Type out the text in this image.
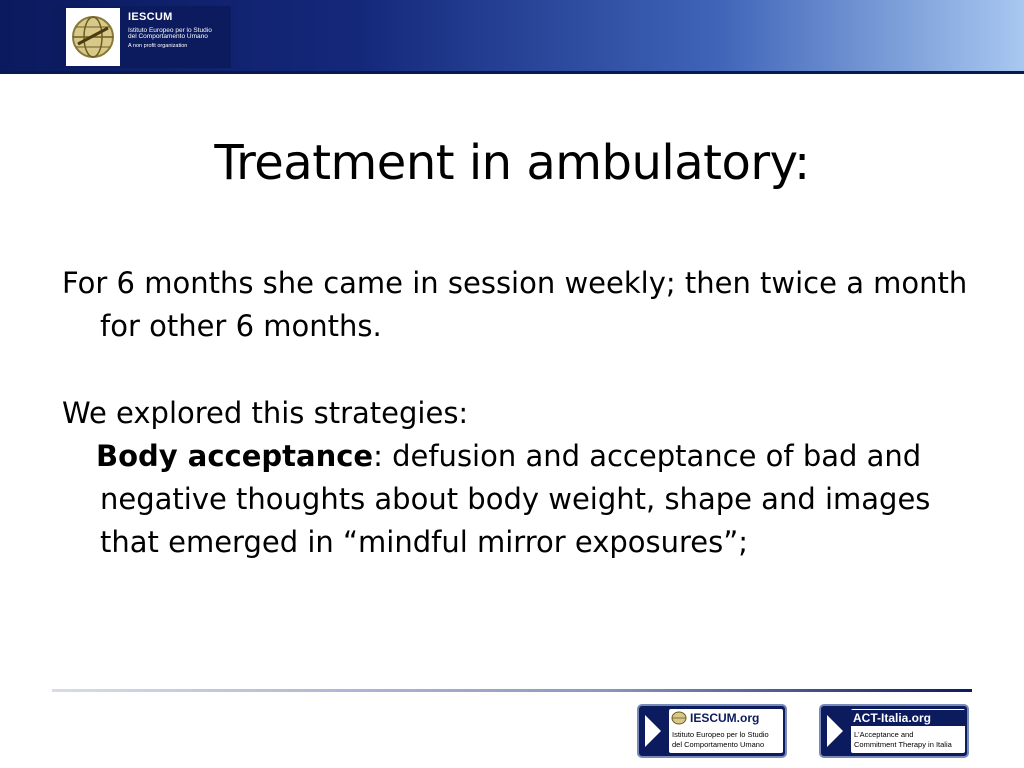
IESCUM
Istituto Europeo per lo Studio
del Comportamento Umano
A non profit organization
Treatment in ambulatory:

For 6 months she came in session weekly; then twice a month for other 6 months.

We explored this strategies:

Body acceptance: defusion and acceptance of bad and negative thoughts about body weight, shape and images that emerged in “mindful mirror exposures”;

IESCUM.org
Istituto Europeo per lo Studio
del Comportamento Umano
ACT-Italia.org
L'Acceptance and
Commitment Therapy in Italia
